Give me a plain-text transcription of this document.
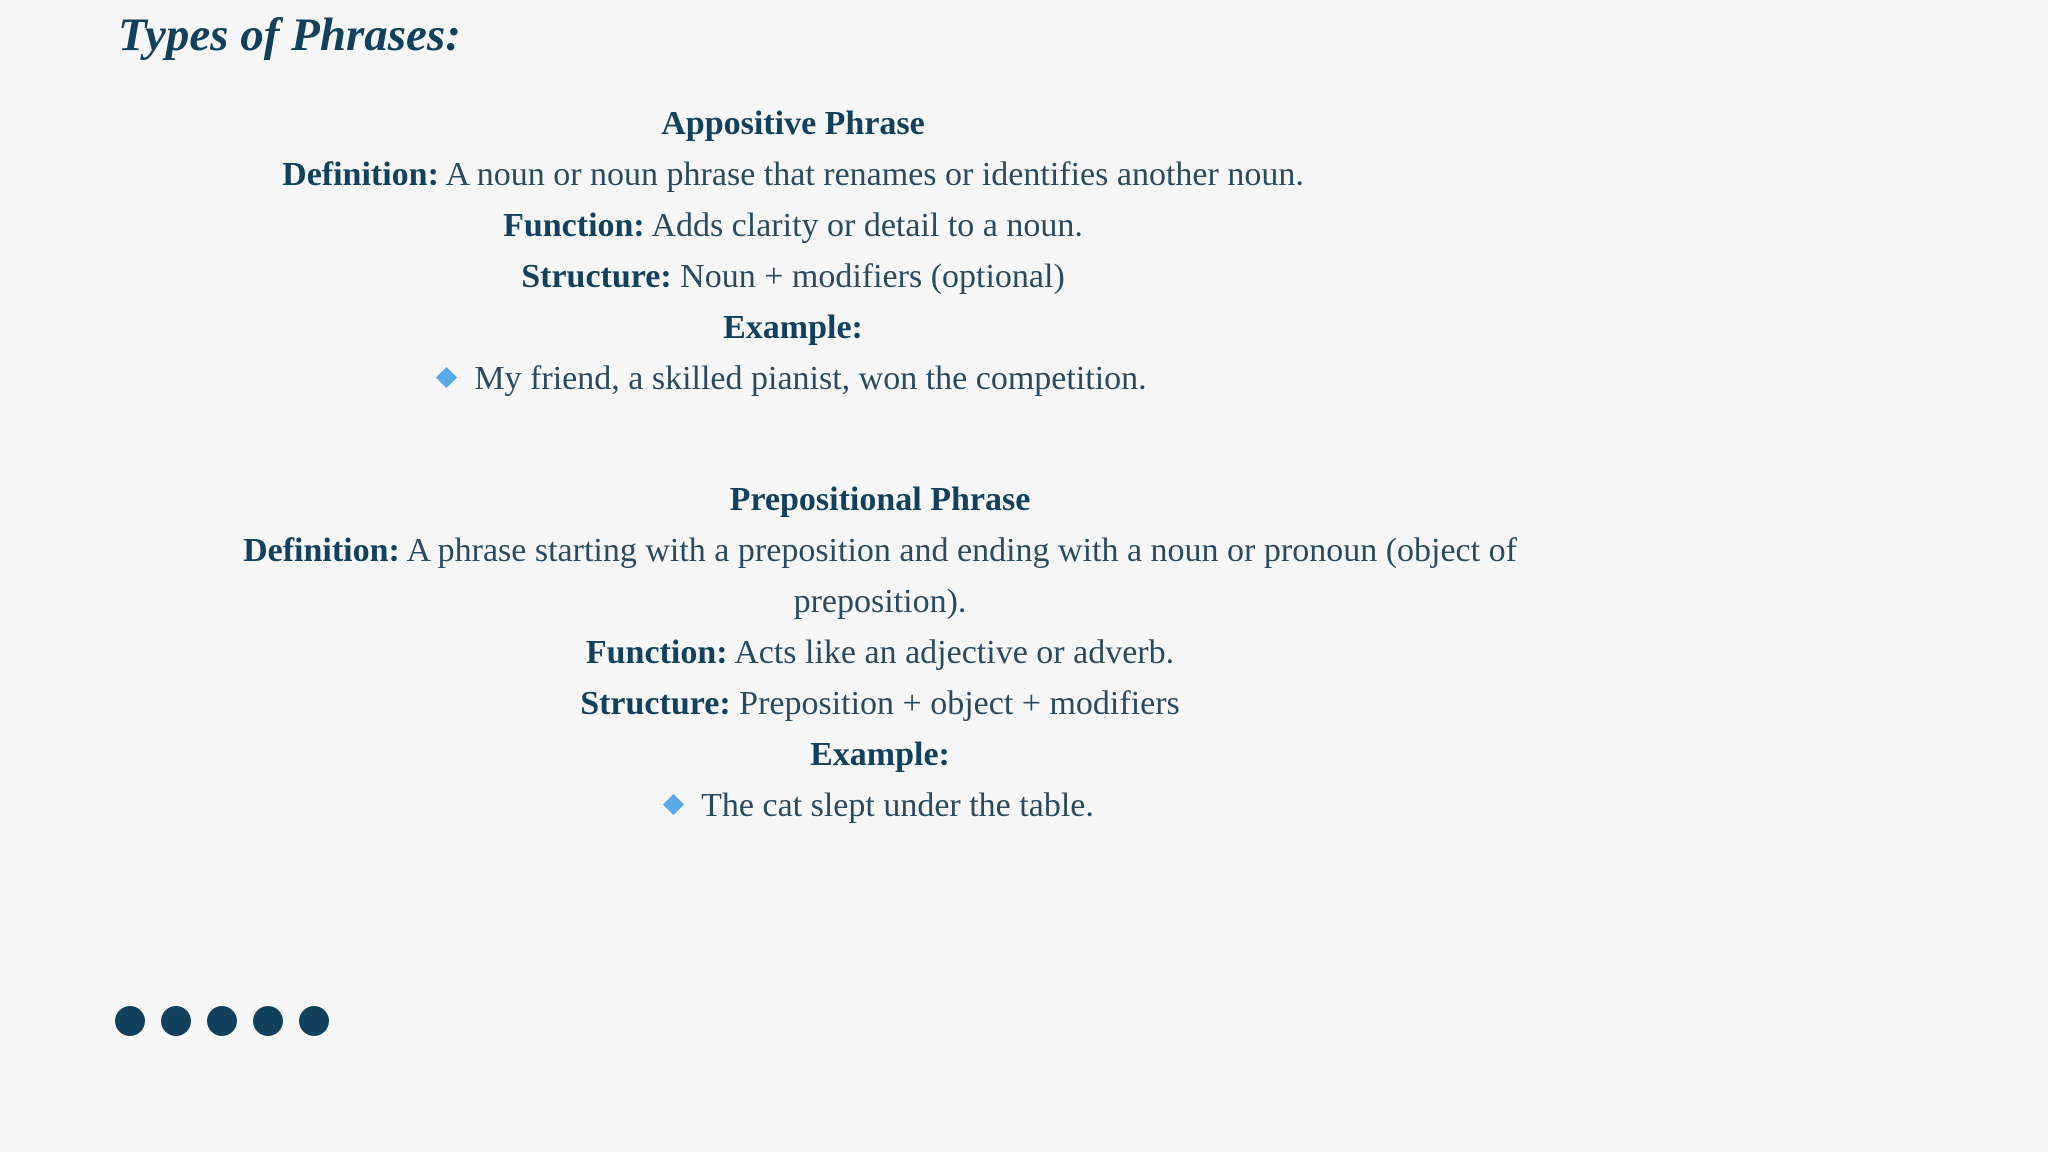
Types of Phrases:
Appositive Phrase
Definition: A noun or noun phrase that renames or identifies another noun.
Function: Adds clarity or detail to a noun.
Structure: Noun + modifiers (optional)
Example:
My friend, a skilled pianist, won the competition.
Prepositional Phrase
Definition: A phrase starting with a preposition and ending with a noun or pronoun (object of preposition).
Function: Acts like an adjective or adverb.
Structure: Preposition + object + modifiers
Example:
The cat slept under the table.
